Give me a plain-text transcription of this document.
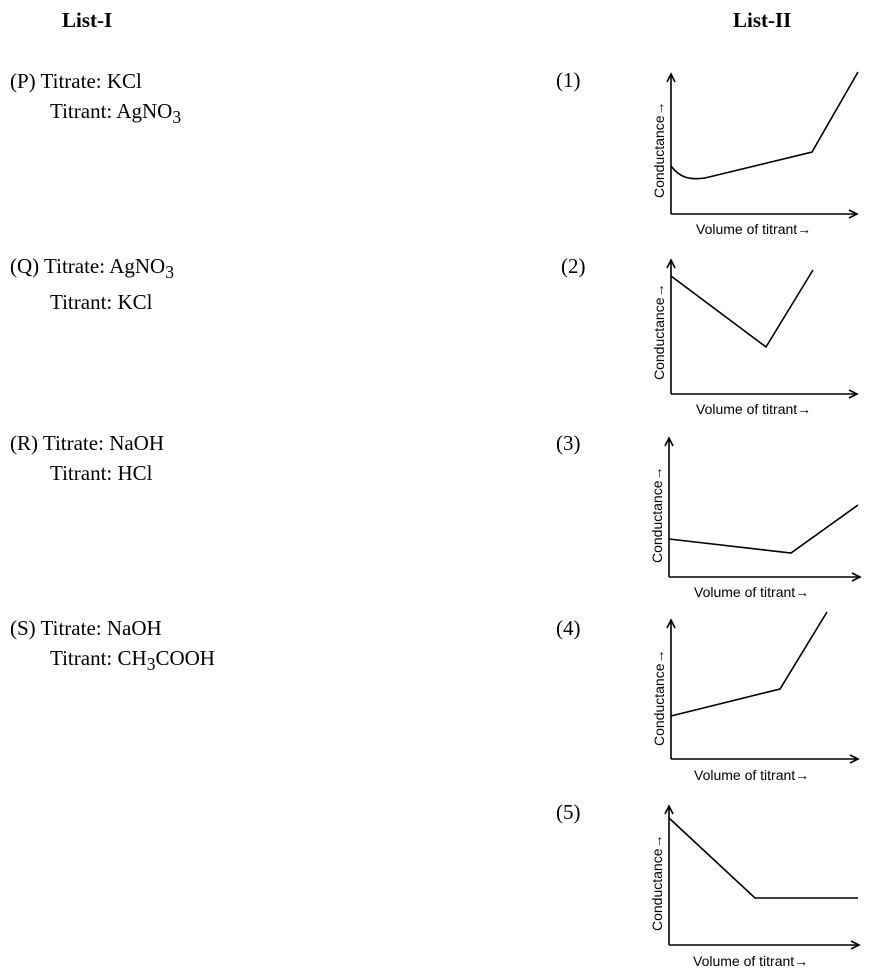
List-I	List-II
(P) Titrate: KCl
Titrant: AgNO$_3$
(Q) Titrate: AgNO$_3$
Titrant: KCl
(R) Titrate: NaOH
Titrant: HCl
(S) Titrate: NaOH
Titrant: $CH_3COOH$
(1)
(2)
(3)
(4)
(5)
Conductance→
Volume of titrant→
Conductance→
Volume of titrant→
Conductance→
Volume of titrant→
Conductance→
Volume of titrant→
Conductance→
Volume of titrant→
